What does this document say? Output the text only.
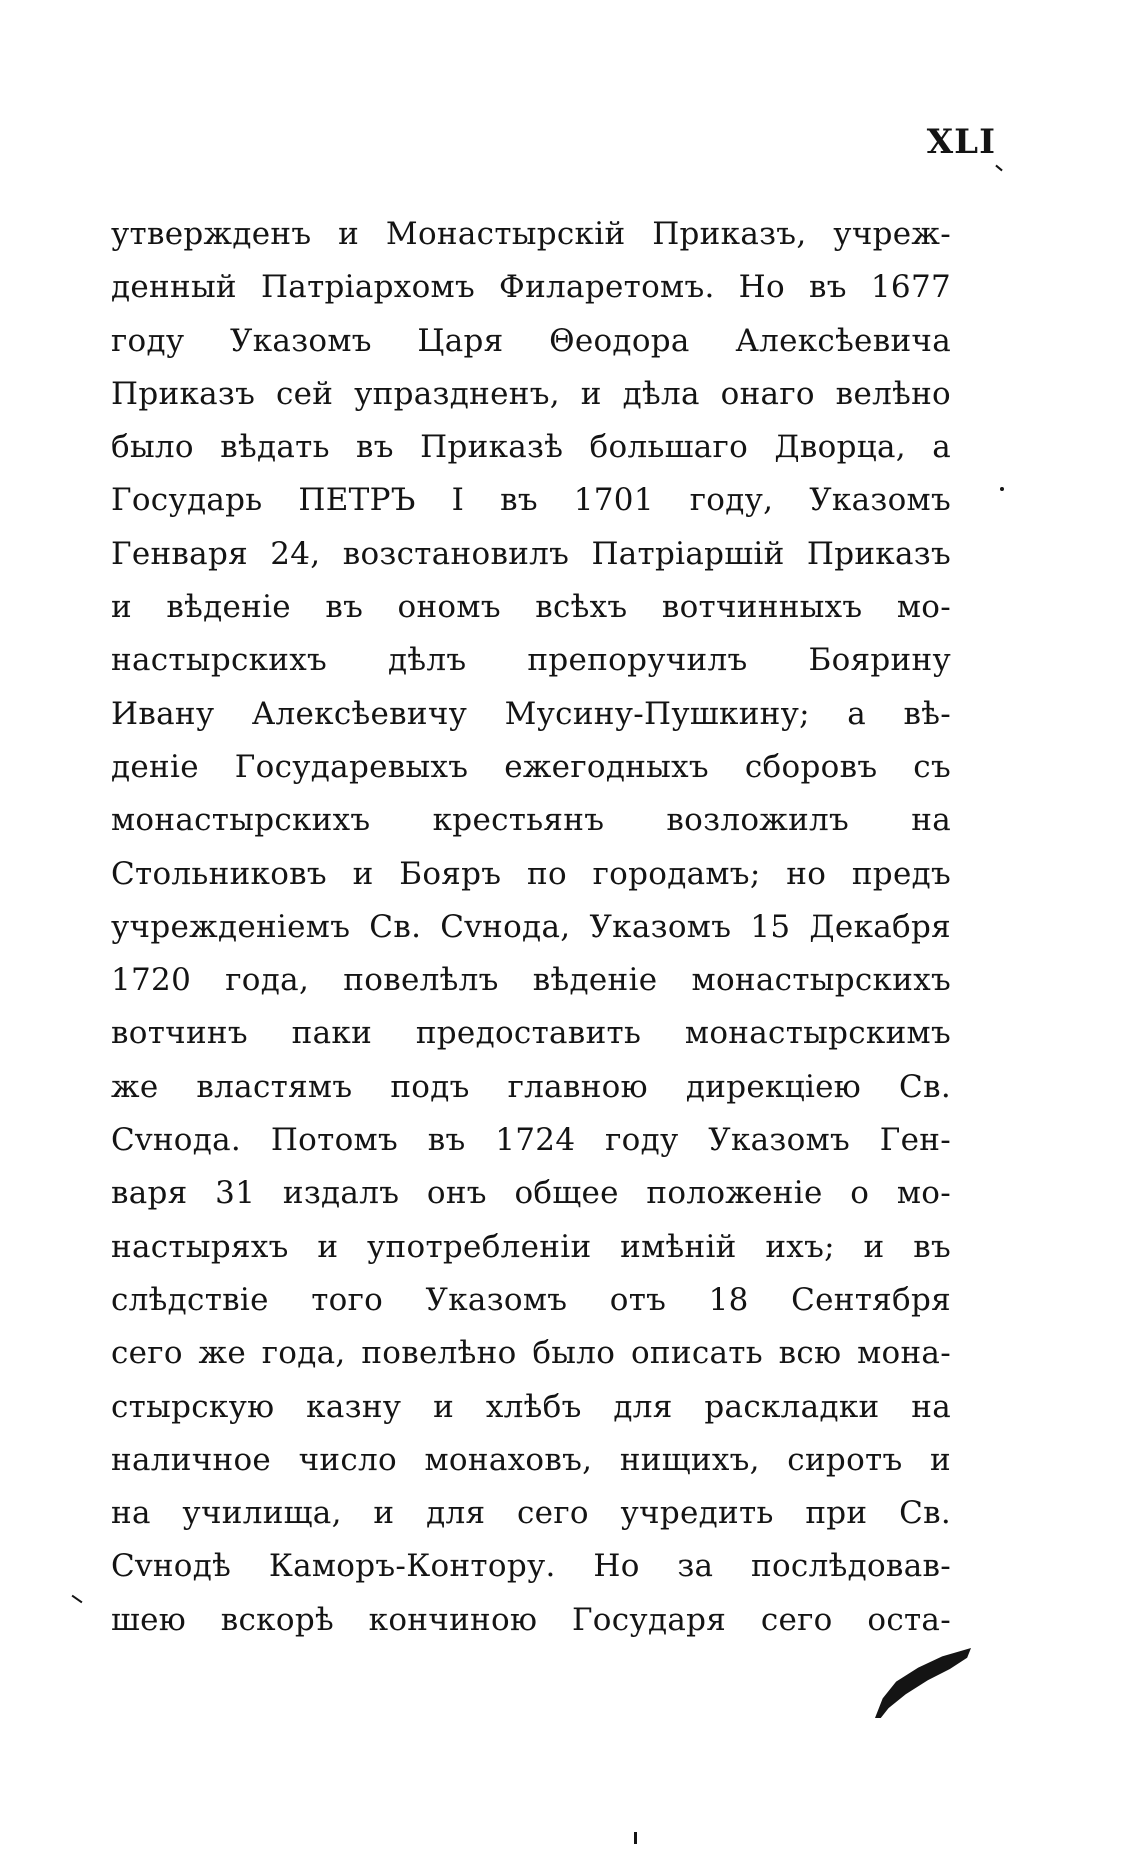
XLI
утвержденъ и Монастырскій Приказъ, учреж-
денный Патріархомъ Филаретомъ. Но въ 1677
году Указомъ Царя Θеодора Алексѣевича
Приказъ сей упраздненъ, и дѣла онаго велѣно
было вѣдать въ Приказѣ большаго Дворца, а
Государь ПЕТРЪ I въ 1701 году, Указомъ
Генваря 24, возстановилъ Патріаршій Приказъ
и вѣденіе въ ономъ всѣхъ вотчинныхъ мо-
настырскихъ дѣлъ препоручилъ Боярину
Ивану Алексѣевичу Мусину-Пушкину; а вѣ-
деніе Государевыхъ ежегодныхъ сборовъ съ
монастырскихъ крестьянъ возложилъ на
Стольниковъ и Бояръ по городамъ; но предъ
учрежденіемъ Св. Сvнода, Указомъ 15 Декабря
1720 года, повелѣлъ вѣденіе монастырскихъ
вотчинъ паки предоставить монастырскимъ
же властямъ подъ главною дирекціею Св.
Сvнода. Потомъ въ 1724 году Указомъ Ген-
варя 31 издалъ онъ общее положеніе о мо-
настыряхъ и употребленіи имѣній ихъ; и въ
слѣдствіе того Указомъ отъ 18 Сентября
сего же года, повелѣно было описать всю мона-
стырскую казну и хлѣбъ для раскладки на
наличное число монаховъ, нищихъ, сиротъ и
на училища, и для сего учредить при Св.
Сvнодѣ Каморъ-Контору. Но за послѣдовав-
шею вскорѣ кончиною Государя сего оста-
